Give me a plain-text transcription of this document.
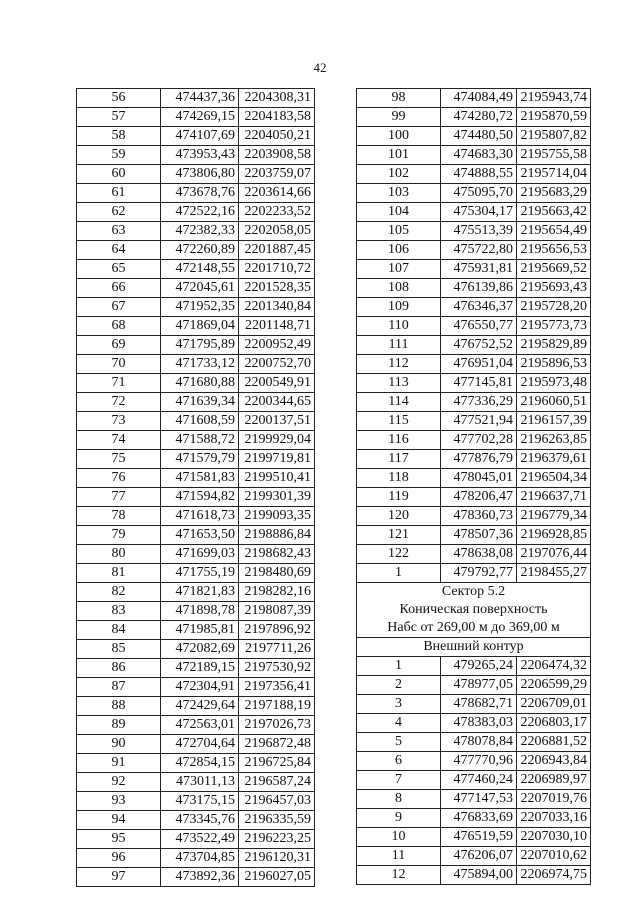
42
56	474437,36	2204308,31
57	474269,15	2204183,58
58	474107,69	2204050,21
59	473953,43	2203908,58
60	473806,80	2203759,07
61	473678,76	2203614,66
62	472522,16	2202233,52
63	472382,33	2202058,05
64	472260,89	2201887,45
65	472148,55	2201710,72
66	472045,61	2201528,35
67	471952,35	2201340,84
68	471869,04	2201148,71
69	471795,89	2200952,49
70	471733,12	2200752,70
71	471680,88	2200549,91
72	471639,34	2200344,65
73	471608,59	2200137,51
74	471588,72	2199929,04
75	471579,79	2199719,81
76	471581,83	2199510,41
77	471594,82	2199301,39
78	471618,73	2199093,35
79	471653,50	2198886,84
80	471699,03	2198682,43
81	471755,19	2198480,69
82	471821,83	2198282,16
83	471898,78	2198087,39
84	471985,81	2197896,92
85	472082,69	2197711,26
86	472189,15	2197530,92
87	472304,91	2197356,41
88	472429,64	2197188,19
89	472563,01	2197026,73
90	472704,64	2196872,48
91	472854,15	2196725,84
92	473011,13	2196587,24
93	473175,15	2196457,03
94	473345,76	2196335,59
95	473522,49	2196223,25
96	473704,85	2196120,31
97	473892,36	2196027,05
98	474084,49	2195943,74
99	474280,72	2195870,59
100	474480,50	2195807,82
101	474683,30	2195755,58
102	474888,55	2195714,04
103	475095,70	2195683,29
104	475304,17	2195663,42
105	475513,39	2195654,49
106	475722,80	2195656,53
107	475931,81	2195669,52
108	476139,86	2195693,43
109	476346,37	2195728,20
110	476550,77	2195773,73
111	476752,52	2195829,89
112	476951,04	2195896,53
113	477145,81	2195973,48
114	477336,29	2196060,51
115	477521,94	2196157,39
116	477702,28	2196263,85
117	477876,79	2196379,61
118	478045,01	2196504,34
119	478206,47	2196637,71
120	478360,73	2196779,34
121	478507,36	2196928,85
122	478638,08	2197076,44
1	479792,77	2198455,27
Сектор 5.2		
Коническая поверхность		
Набс от 269,00 м до 369,00 м		
Внешний контур		
1	479265,24	2206474,32
2	478977,05	2206599,29
3	478682,71	2206709,01
4	478383,03	2206803,17
5	478078,84	2206881,52
6	477770,96	2206943,84
7	477460,24	2206989,97
8	477147,53	2207019,76
9	476833,69	2207033,16
10	476519,59	2207030,10
11	476206,07	2207010,62
12	475894,00	2206974,75
